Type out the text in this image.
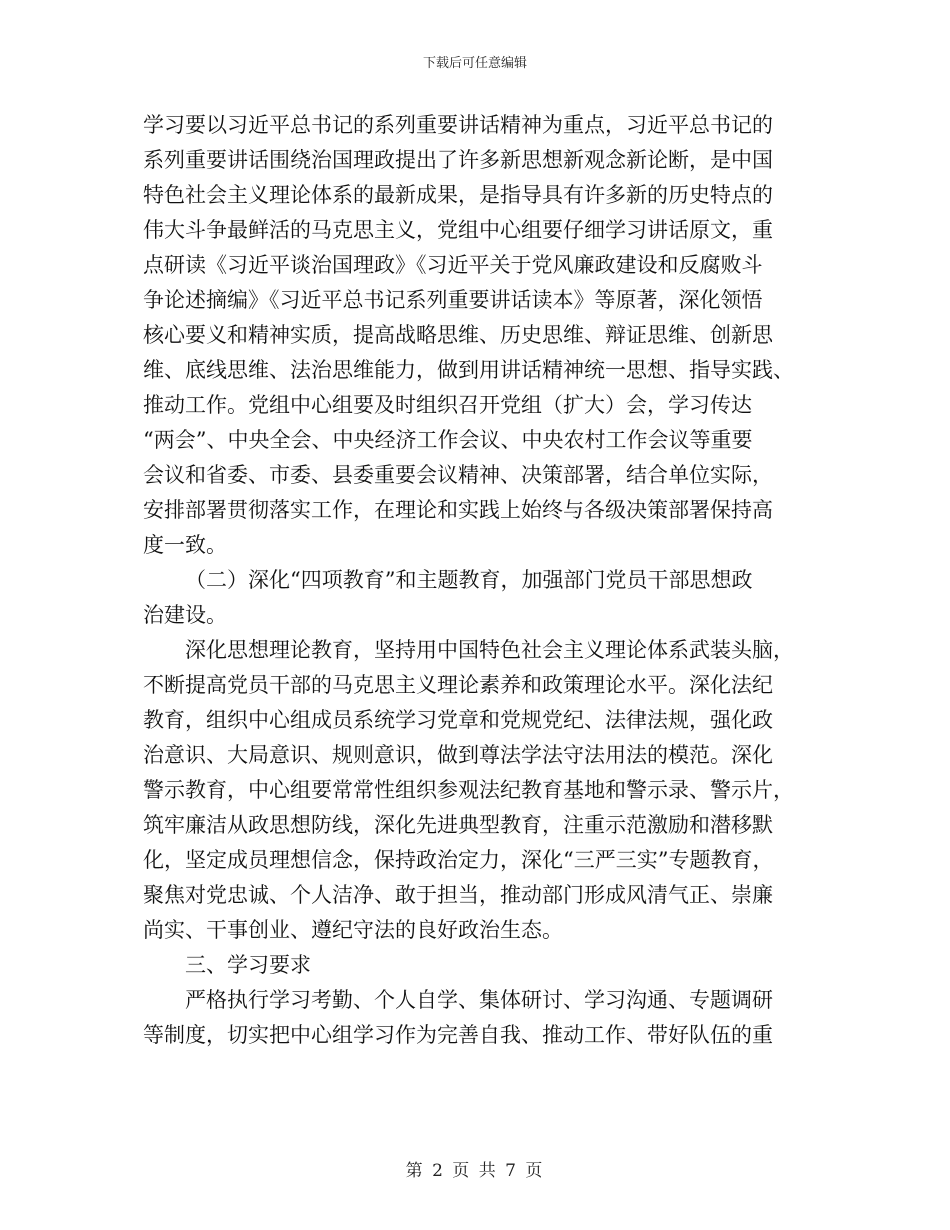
下载后可任意编辑
学习要以习近平总书记的系列重要讲话精神为重点，习近平总书记的
系列重要讲话围绕治国理政提出了许多新思想新观念新论断，是中国
特色社会主义理论体系的最新成果，是指导具有许多新的历史特点的
伟大斗争最鲜活的马克思主义，党组中心组要仔细学习讲话原文，重
点研读《习近平谈治国理政》《习近平关于党风廉政建设和反腐败斗
争论述摘编》《习近平总书记系列重要讲话读本》等原著，深化领悟
核心要义和精神实质，提高战略思维、历史思维、辩证思维、创新思
维、底线思维、法治思维能力，做到用讲话精神统一思想、指导实践、
推动工作。党组中心组要及时组织召开党组（扩大）会，学习传达
“两会”、中央全会、中央经济工作会议、中央农村工作会议等重要
会议和省委、市委、县委重要会议精神、决策部署，结合单位实际，
安排部署贯彻落实工作，在理论和实践上始终与各级决策部署保持高
度一致。
（二）深化“四项教育”和主题教育，加强部门党员干部思想政
治建设。
深化思想理论教育，坚持用中国特色社会主义理论体系武装头脑，
不断提高党员干部的马克思主义理论素养和政策理论水平。深化法纪
教育，组织中心组成员系统学习党章和党规党纪、法律法规，强化政
治意识、大局意识、规则意识，做到尊法学法守法用法的模范。深化
警示教育，中心组要常常性组织参观法纪教育基地和警示录、警示片，
筑牢廉洁从政思想防线，深化先进典型教育，注重示范激励和潜移默
化，坚定成员理想信念，保持政治定力，深化“三严三实”专题教育，
聚焦对党忠诚、个人洁净、敢于担当，推动部门形成风清气正、崇廉
尚实、干事创业、遵纪守法的良好政治生态。
三、学习要求
严格执行学习考勤、个人自学、集体研讨、学习沟通、专题调研
等制度，切实把中心组学习作为完善自我、推动工作、带好队伍的重
第 2 页 共 7 页
